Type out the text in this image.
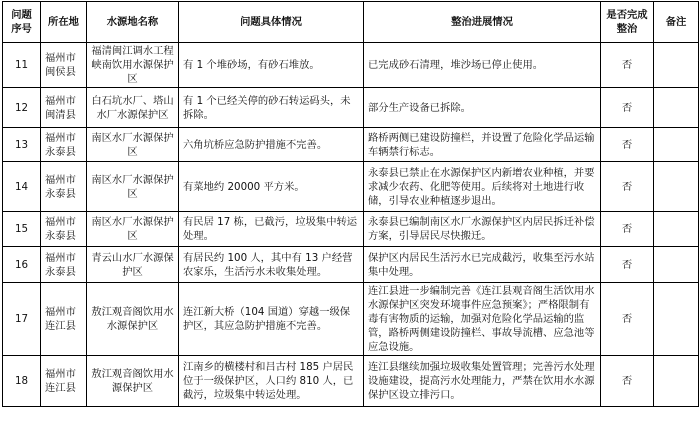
问题序号	所在地	水源地名称	问题具体情况	整治进展情况	是否完成整治	备注
11	福州市闽侯县	福清闽江调水工程峡南饮用水源保护区	有 1 个堆砂场，有砂石堆放。	已完成砂石清理，堆沙场已停止使用。	否	
12	福州市闽清县	白石坑水厂、塔山水厂水源保护区	有 1 个已经关停的砂石转运码头，未拆除。	部分生产设备已拆除。	否	
13	福州市永泰县	南区水厂水源保护区	六角坑桥应急防护措施不完善。	路桥两侧已建设防撞栏，并设置了危险化学品运输车辆禁行标志。	否	
14	福州市永泰县	南区水厂水源保护区	有菜地约 20000 平方米。	永泰县已禁止在水源保护区内新增农业种植，并要求减少农药、化肥等使用。后续将对土地进行收储，引导农业种植逐步退出。	否	
15	福州市永泰县	南区水厂水源保护区	有民居 17 栋，已截污，垃圾集中转运处理。	永泰县已编制南区水厂水源保护区内居民拆迁补偿方案，引导居民尽快搬迁。	否	
16	福州市永泰县	青云山水厂水源保护区	有居民约 100 人，其中有 13 户经营农家乐，生活污水未收集处理。	保护区内居民生活污水已完成截污，收集至污水站集中处理。	否	
17	福州市连江县	敖江观音阁饮用水水源保护区	连江新大桥（104 国道）穿越一级保护区，其应急防护措施不完善。	连江县进一步编制完善《连江县观音阁生活饮用水水源保护区突发环境事件应急预案》；严格限制有毒有害物质的运输，加强对危险化学品运输的监管，路桥两侧建设防撞栏、事故导流槽、应急池等应急设施。	否	
18	福州市连江县	敖江观音阁饮用水源保护区	江南乡的横楼村和吕古村 185 户居民位于一级保护区，人口约 810 人，已截污，垃圾集中转运处理。	连江县继续加强垃圾收集处置管理；完善污水处理设施建设，提高污水处理能力，严禁在饮用水水源保护区设立排污口。	否	
